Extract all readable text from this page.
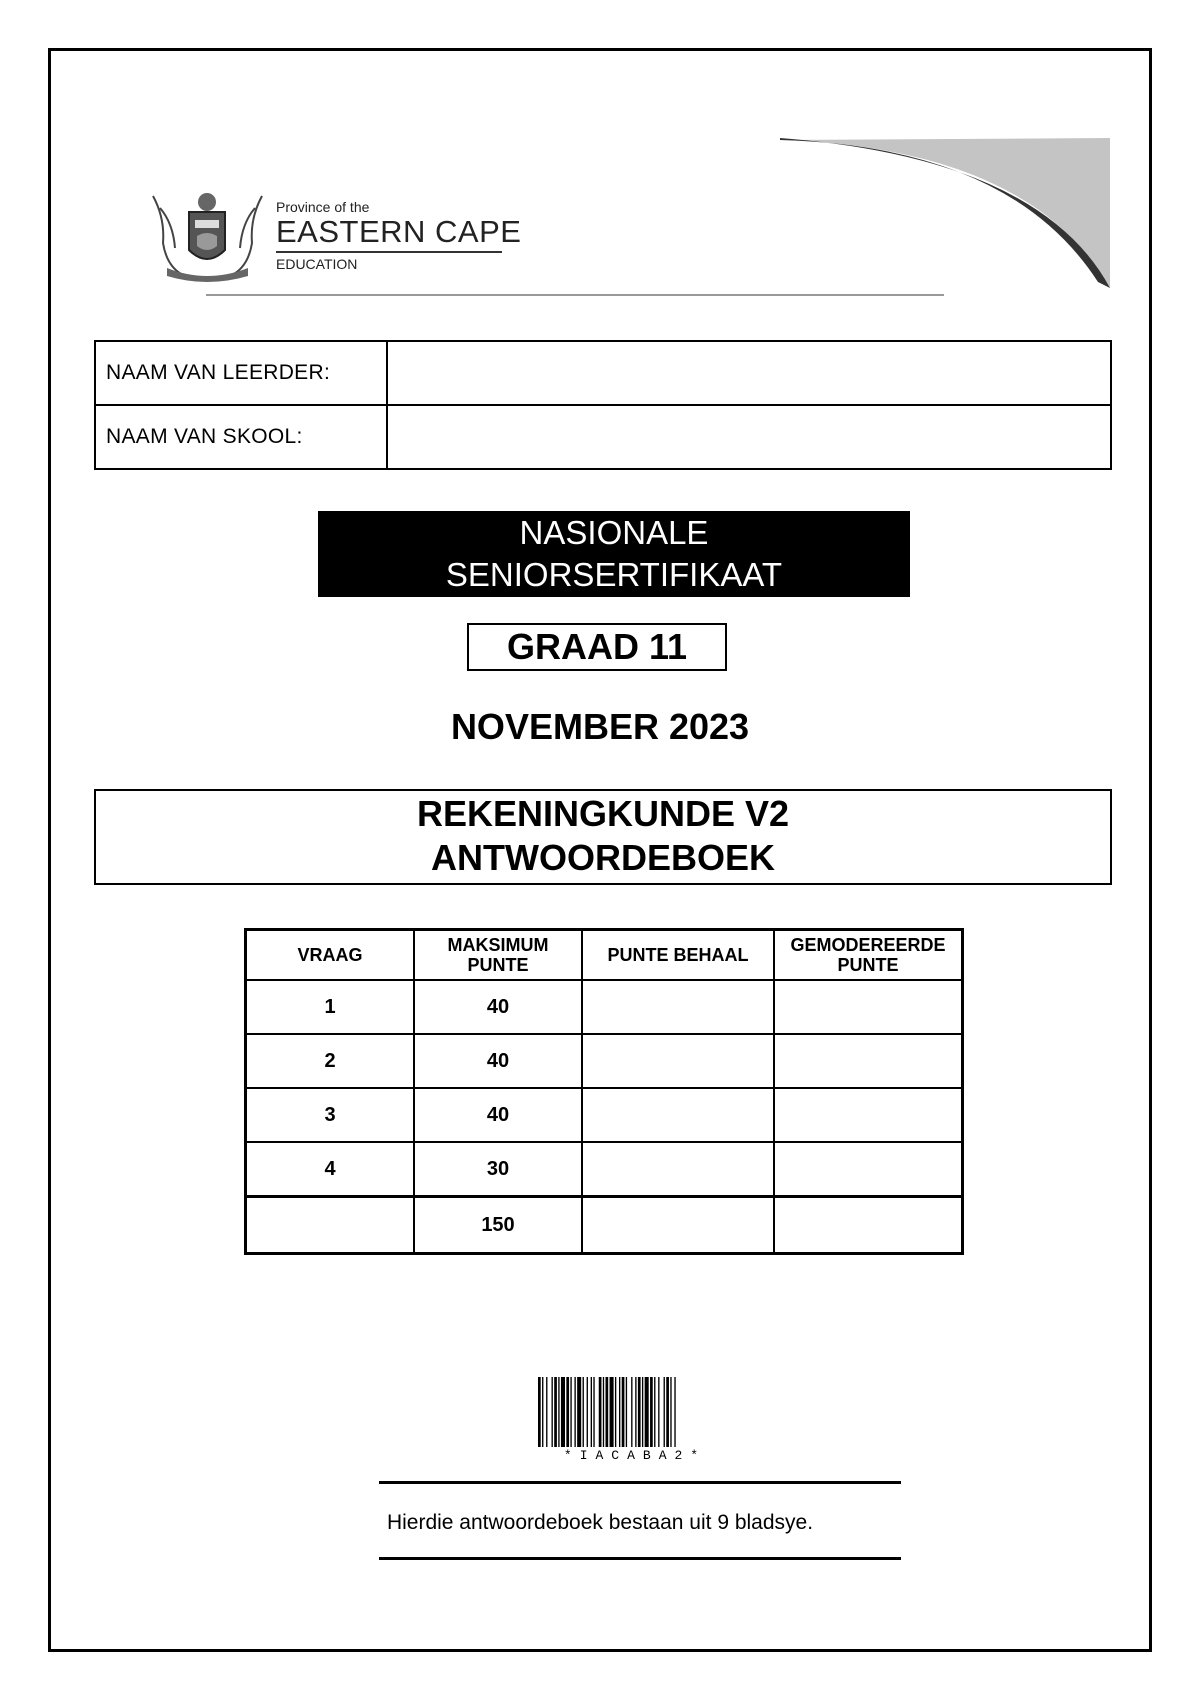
Province of the
EASTERN CAPE
EDUCATION
NAAM VAN LEERDER:	
NAAM VAN SKOOL:	
NASIONALE
SENIORSERTIFIKAAT
GRAAD 11
NOVEMBER 2023
REKENINGKUNDE V2
ANTWOORDEBOEK
VRAAG	MAKSIMUM PUNTE	PUNTE BEHAAL	GEMODEREERDE PUNTE
1	40		
2	40		
3	40		
4	30		
	150		
*IACABA2*
Hierdie antwoordeboek bestaan uit 9 bladsye.
